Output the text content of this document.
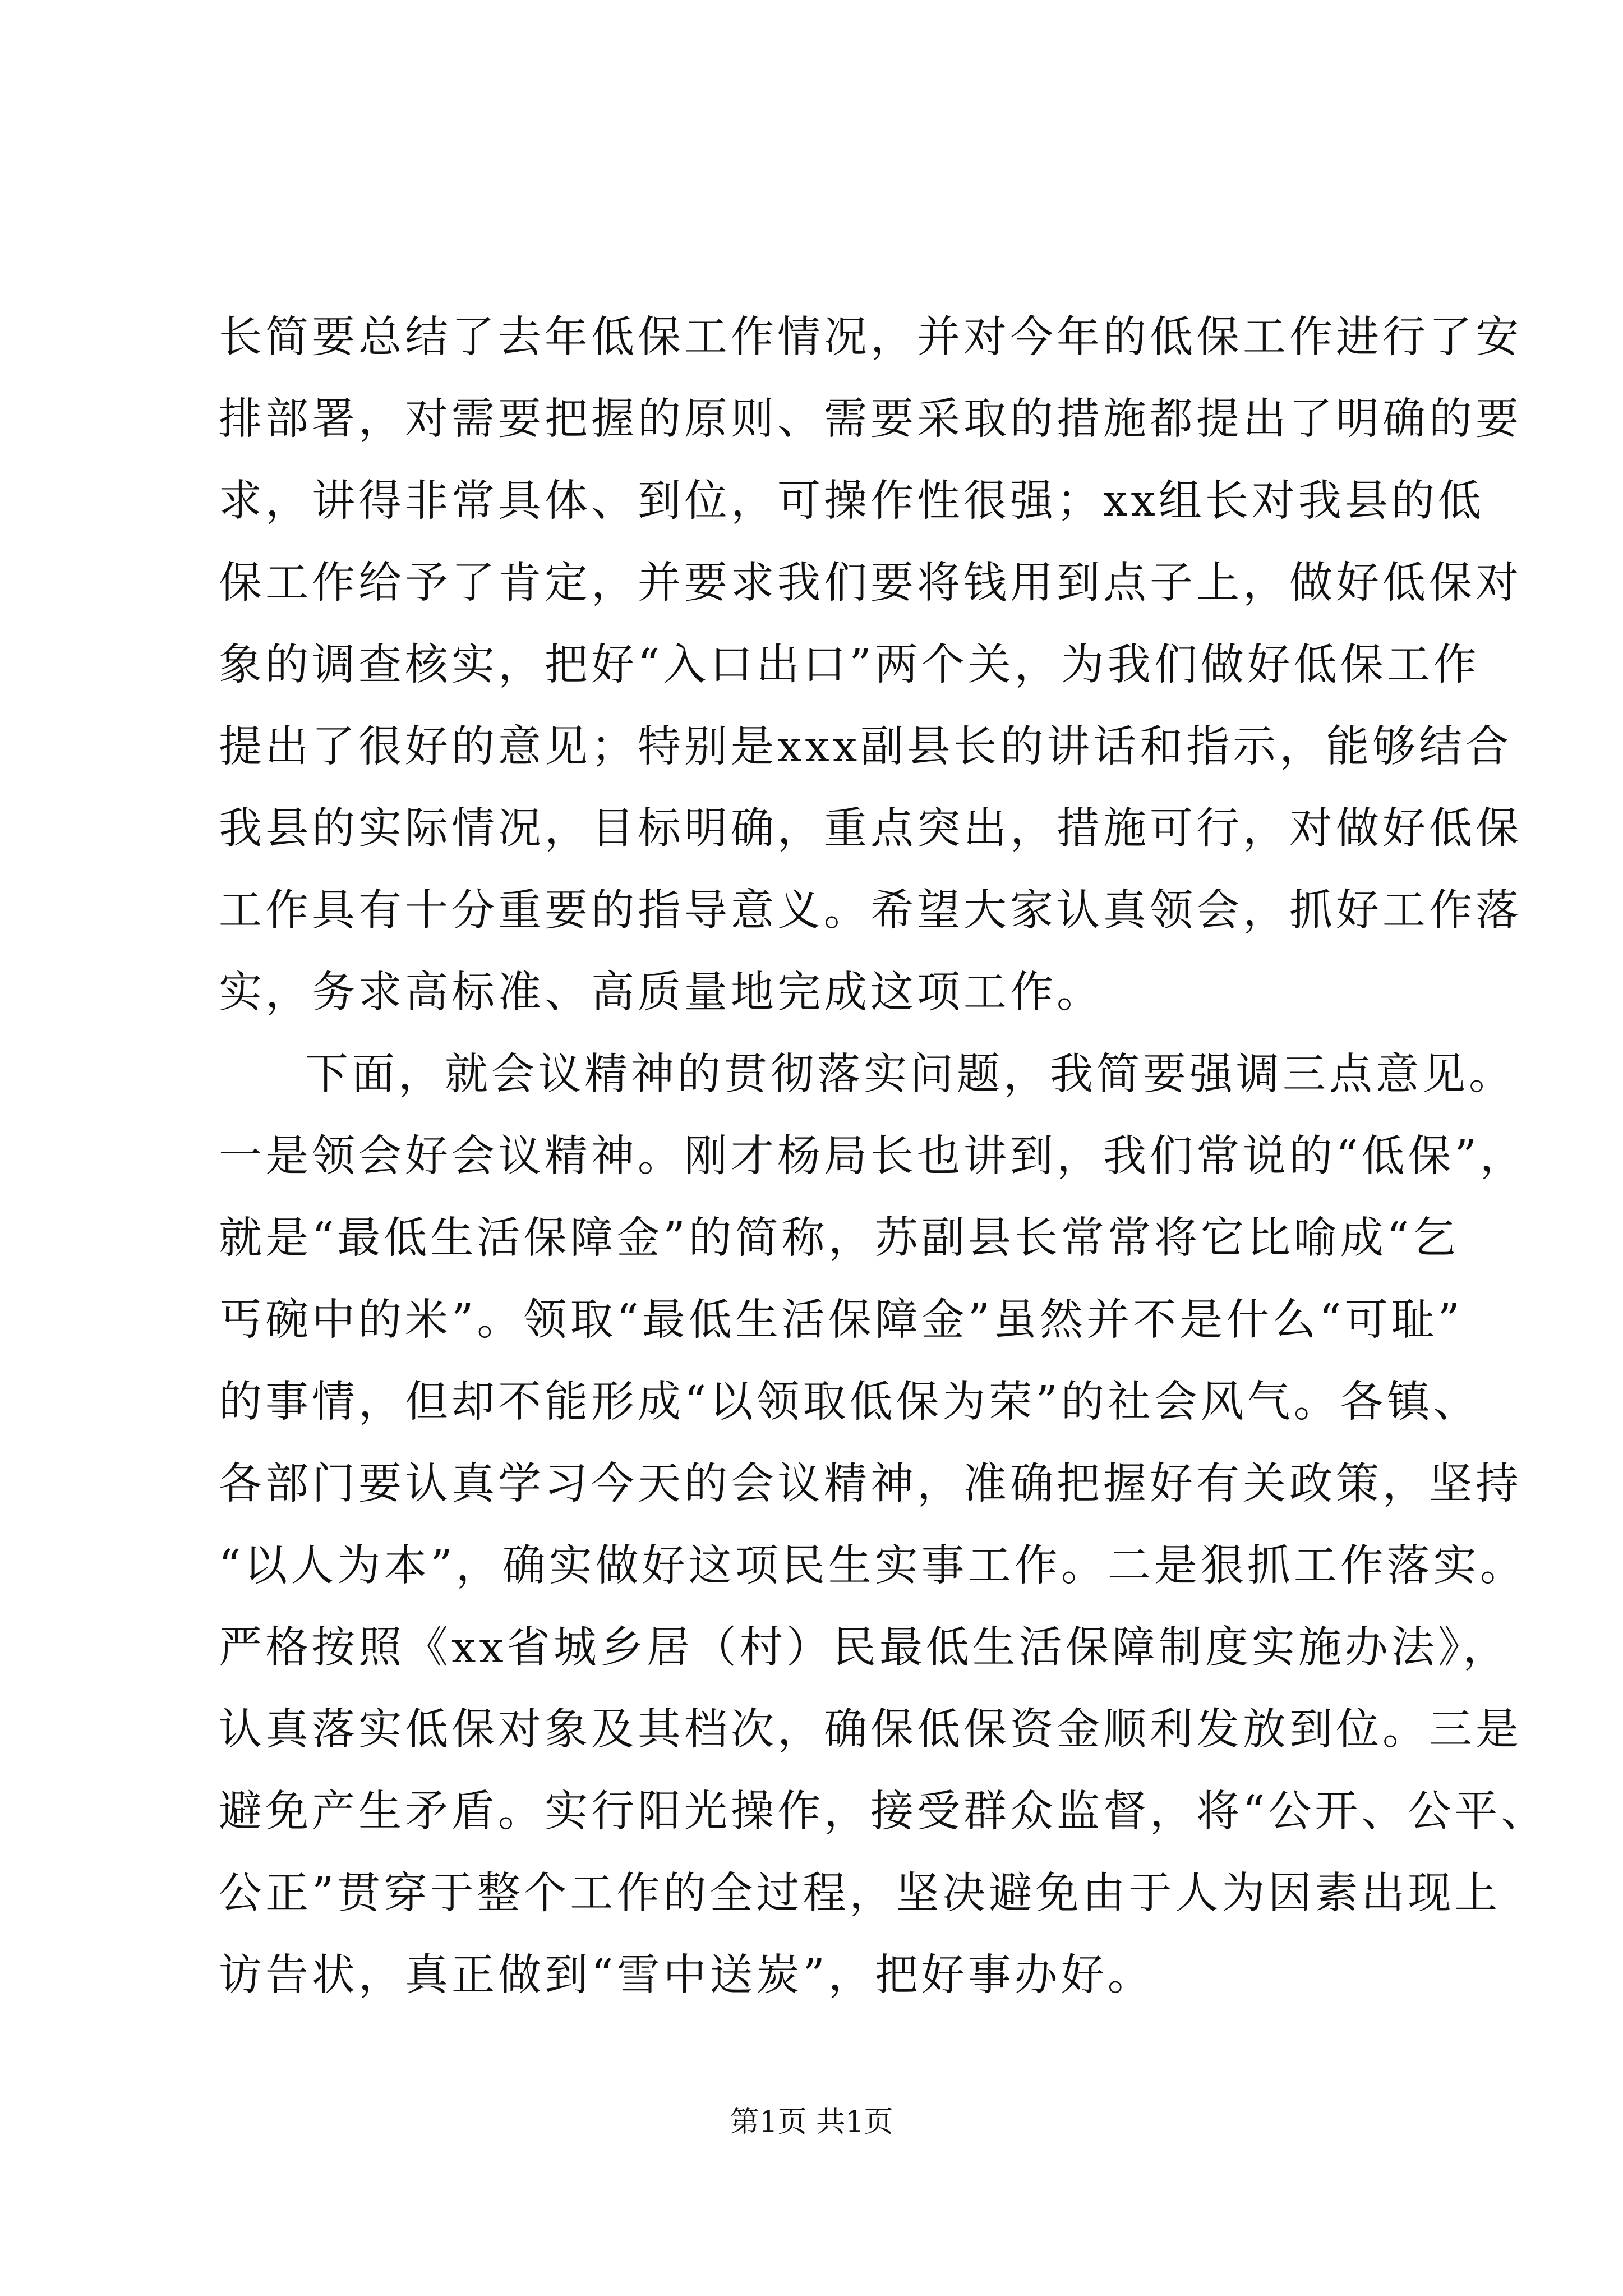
长简要总结了去年低保工作情况，并对今年的低保工作进行了安

排部署，对需要把握的原则、需要采取的措施都提出了明确的要

求，讲得非常具体、到位，可操作性很强；xx组长对我县的低

保工作给予了肯定，并要求我们要将钱用到点子上，做好低保对

象的调查核实，把好“入口出口”两个关，为我们做好低保工作

提出了很好的意见；特别是xxx副县长的讲话和指示，能够结合

我县的实际情况，目标明确，重点突出，措施可行，对做好低保

工作具有十分重要的指导意义。希望大家认真领会，抓好工作落

实，务求高标准、高质量地完成这项工作。

下面，就会议精神的贯彻落实问题，我简要强调三点意见。

一是领会好会议精神。刚才杨局长也讲到，我们常说的“低保”，

就是“最低生活保障金”的简称，苏副县长常常将它比喻成“乞

丐碗中的米”。领取“最低生活保障金”虽然并不是什么“可耻”

的事情，但却不能形成“以领取低保为荣”的社会风气。各镇、

各部门要认真学习今天的会议精神，准确把握好有关政策，坚持

“以人为本”，确实做好这项民生实事工作。二是狠抓工作落实。

严格按照《xx省城乡居（村）民最低生活保障制度实施办法》，

认真落实低保对象及其档次，确保低保资金顺利发放到位。三是

避免产生矛盾。实行阳光操作，接受群众监督，将“公开、公平、

公正”贯穿于整个工作的全过程，坚决避免由于人为因素出现上

访告状，真正做到“雪中送炭”，把好事办好。

第1页 共1页
